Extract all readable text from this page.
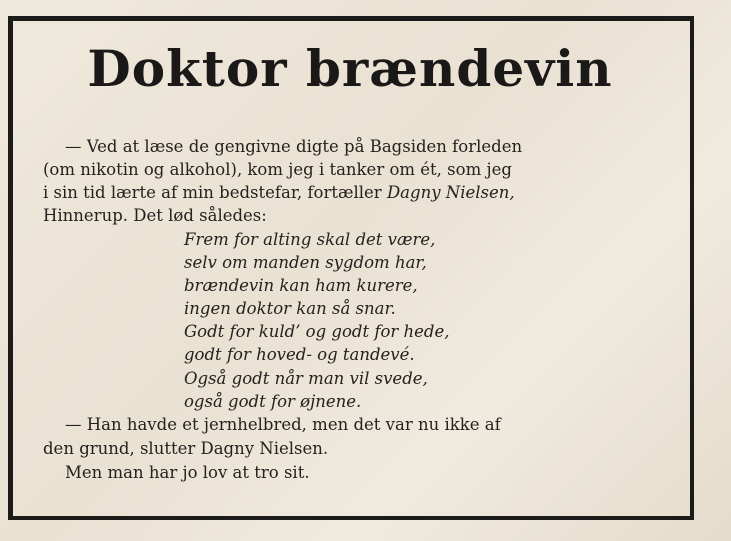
Doktor brændevin
— Ved at læse de gengivne digte på Bagsiden forleden
(om nikotin og alkohol), kom jeg i tanker om ét, som jeg
i sin tid lærte af min bedstefar, fortæller Dagny Nielsen,
Hinnerup. Det lød således:
Frem for alting skal det være,
selv om manden sygdom har,
brændevin kan ham kurere,
ingen doktor kan så snar.
Godt for kuld’ og godt for hede,
godt for hoved- og tandevé.
Også godt når man vil svede,
også godt for øjnene.
— Han havde et jernhelbred, men det var nu ikke af
den grund, slutter Dagny Nielsen.
Men man har jo lov at tro sit.
